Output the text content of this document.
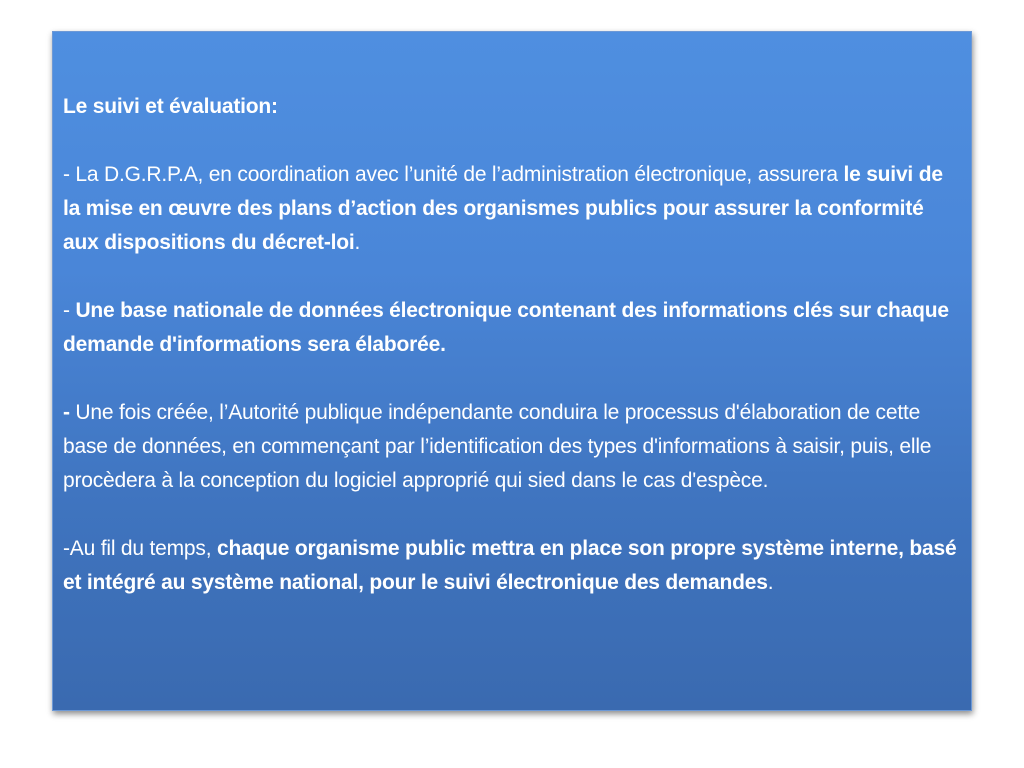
Le suivi et évaluation:

- La D.G.R.P.A, en coordination avec l’unité de l’administration électronique, assurera le suivi de la mise en œuvre des plans d’action des organismes publics pour assurer la conformité aux dispositions du décret-loi.

- Une base nationale de données électronique contenant des informations clés sur chaque demande d'informations sera élaborée.

- Une fois créée, l’Autorité publique indépendante conduira le processus d'élaboration de cette base de données, en commençant par l’identification des types d'informations à saisir, puis, elle procèdera à la conception du logiciel approprié qui sied dans le cas d'espèce.

-Au fil du temps, chaque organisme public mettra en place son propre système interne, basé et intégré au système national, pour le suivi électronique des demandes.
